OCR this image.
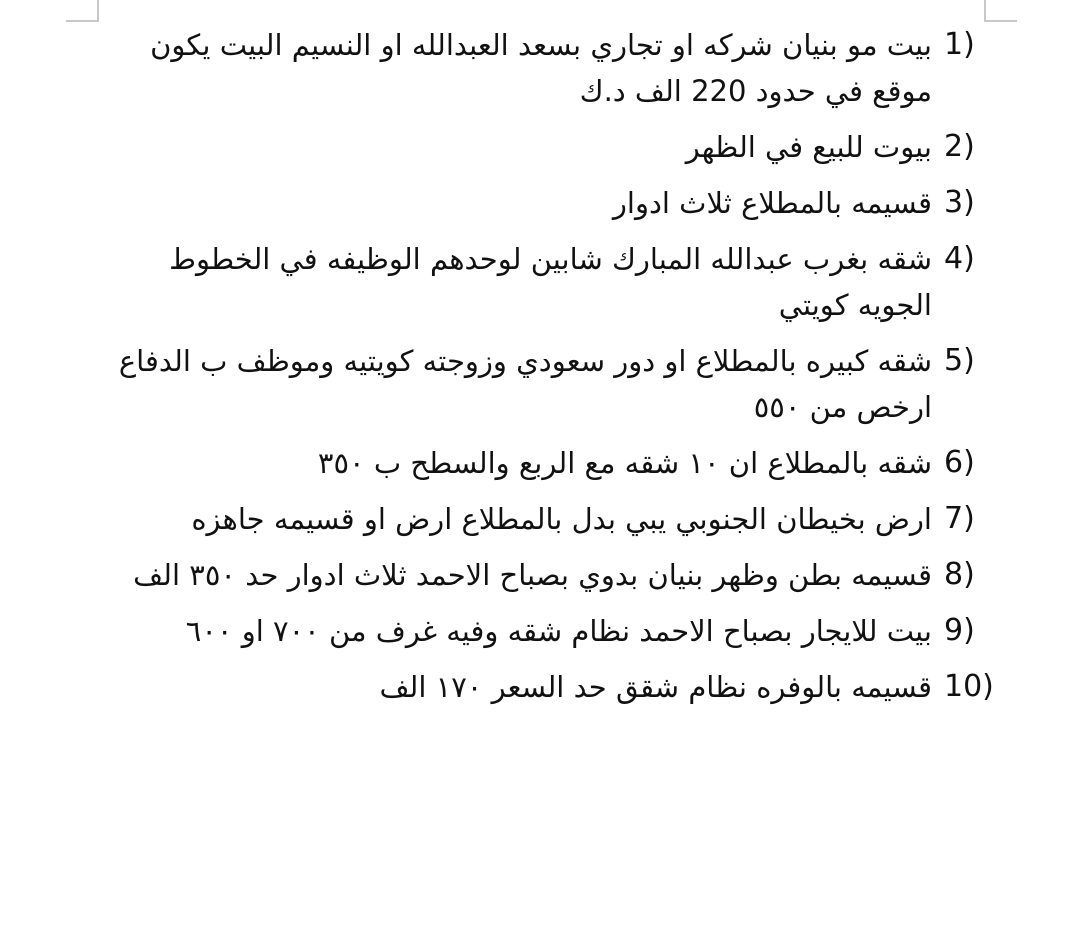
1)
بيت مو بنيان شركه او تجاري بسعد العبدالله او النسيم البيت يكون موقع في حدود 220 الف د.ك
2)
بيوت للبيع في الظهر
3)
قسيمه بالمطلاع ثلاث ادوار
4)
شقه بغرب عبدالله المبارك شابين لوحدهم الوظيفه في الخطوط الجويه كويتي
5)
شقه كبيره بالمطلاع او دور سعودي وزوجته كويتيه وموظف ب الدفاع ارخص من ٥٥٠
6)
شقه بالمطلاع ان ١٠ شقه مع الربع والسطح ب ٣٥٠
7)
ارض بخيطان الجنوبي يبي بدل بالمطلاع ارض او قسيمه جاهزه
8)
قسيمه بطن وظهر بنيان بدوي بصباح الاحمد ثلاث ادوار حد ٣٥٠ الف
9)
بيت للايجار بصباح الاحمد نظام شقه وفيه غرف من ٧٠٠ او ٦٠٠
10)
قسيمه بالوفره نظام شقق حد السعر ١٧٠ الف
